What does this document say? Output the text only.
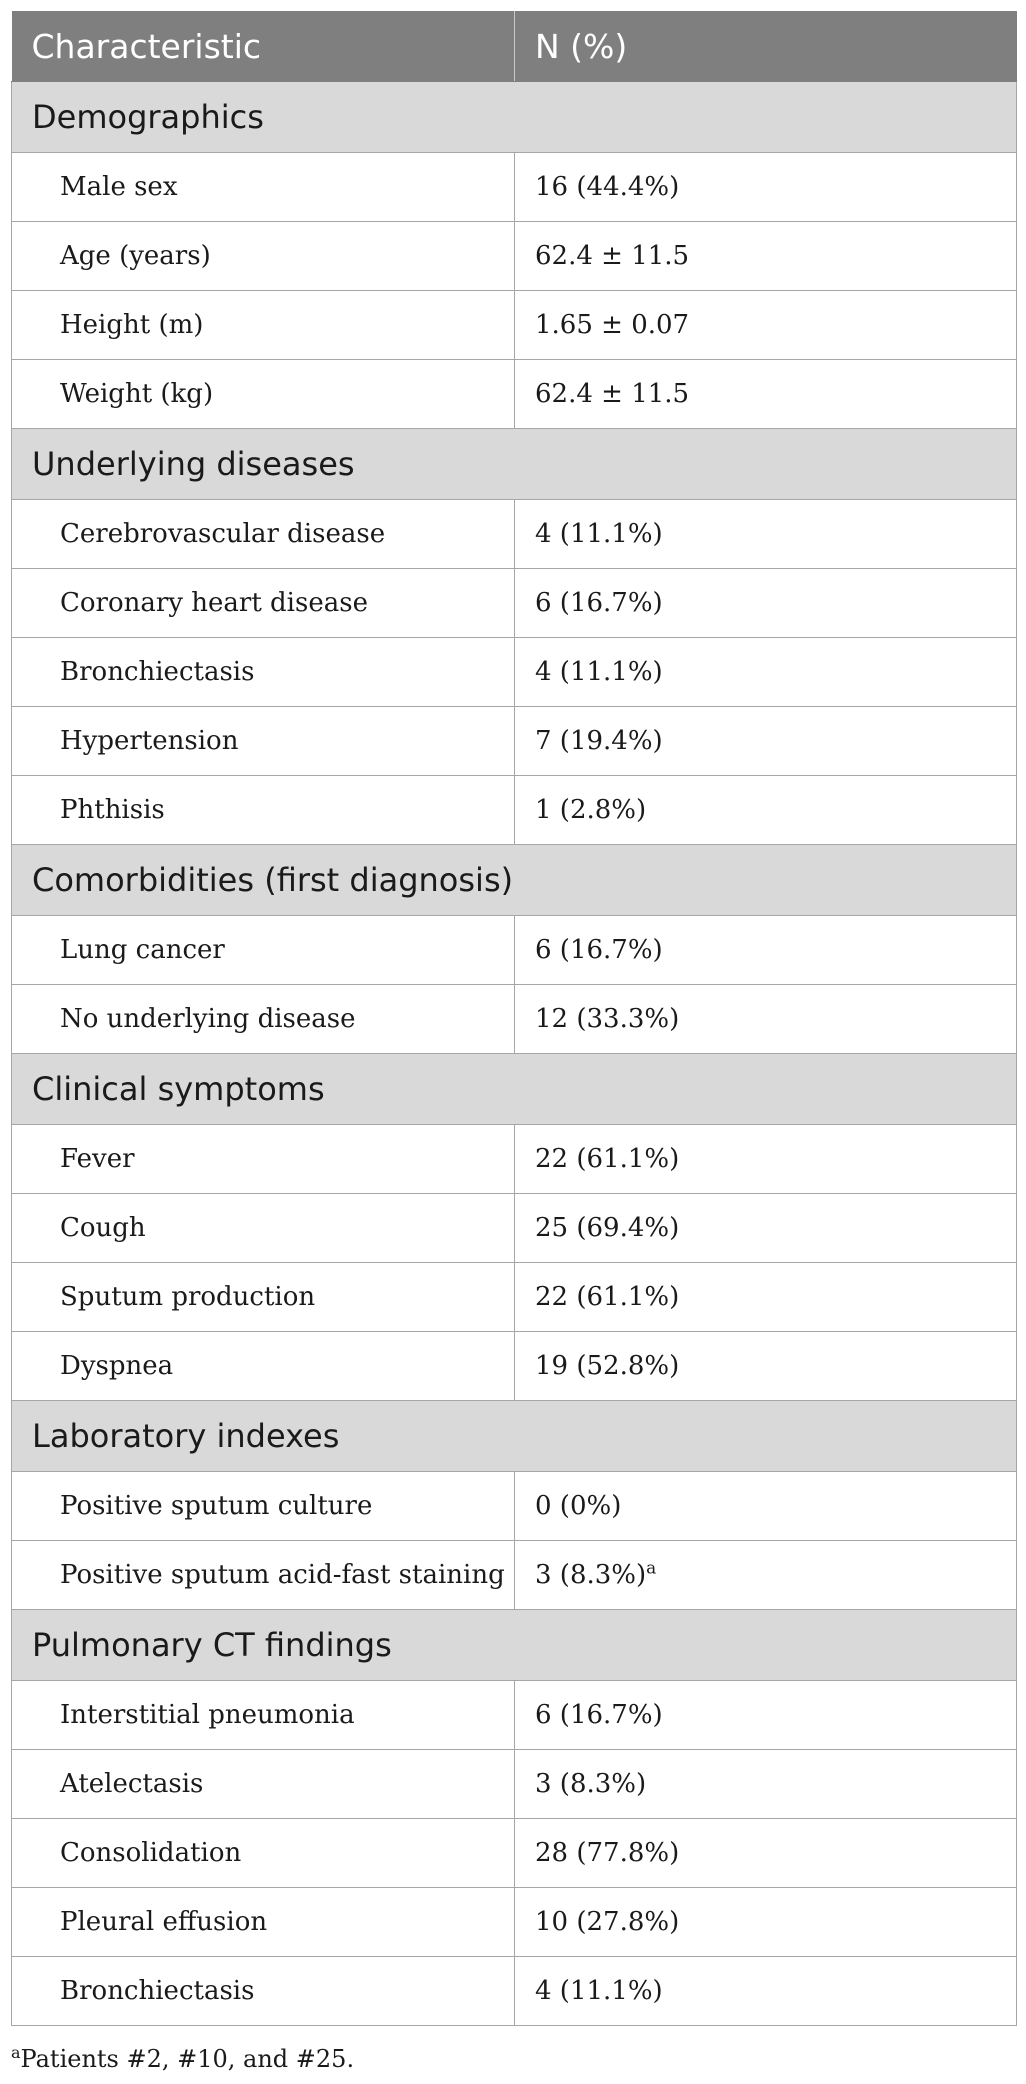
Characteristic	N (%)
Demographics	
Male sex	16 (44.4%)
Age (years)	62.4 ± 11.5
Height (m)	1.65 ± 0.07
Weight (kg)	62.4 ± 11.5
Underlying diseases	
Cerebrovascular disease	4 (11.1%)
Coronary heart disease	6 (16.7%)
Bronchiectasis	4 (11.1%)
Hypertension	7 (19.4%)
Phthisis	1 (2.8%)
Comorbidities (first diagnosis)	
Lung cancer	6 (16.7%)
No underlying disease	12 (33.3%)
Clinical symptoms	
Fever	22 (61.1%)
Cough	25 (69.4%)
Sputum production	22 (61.1%)
Dyspnea	19 (52.8%)
Laboratory indexes	
Positive sputum culture	0 (0%)
Positive sputum acid-fast staining	3 $(8.3\%)^a$
Pulmonary CT findings	
Interstitial pneumonia	6 (16.7%)
Atelectasis	3 (8.3%)
Consolidation	28 (77.8%)
Pleural effusion	10 (27.8%)
Bronchiectasis	4 (11.1%)
$^a$Patients #2, #10, and #25.
